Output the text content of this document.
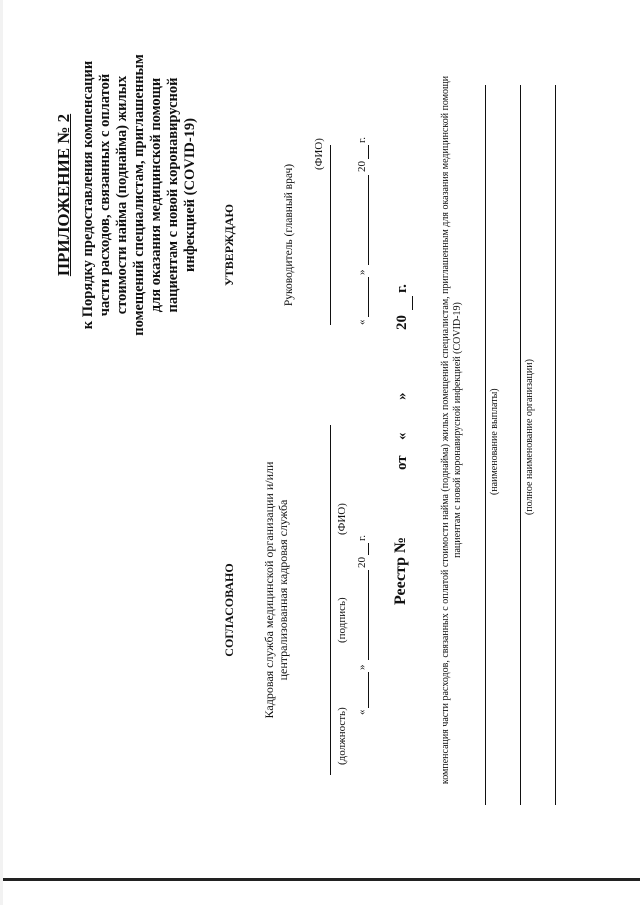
ПРИЛОЖЕНИЕ № 2 к Порядку предоставления компенсации части расходов, связанных с оплатой стоимости найма (поднайма) жилых помещений специалистам, приглашенным для оказания медицинской помощи пациентам с новой коронавирусной инфекцией (COVID-19)
СОГЛАСОВАНО Кадровая служба медицинской организации и/или централизованная кадровая служба
(должность)
(подпись)
(ФИО)
«
»
20
г.
УТВЕРЖДАЮ	Руководитель (главный врач)
(ФИО)
«
»
20
г.
Реестр №
от
«
»
20
г.	компенсация части расходов, связанных с оплатой стоимости найма (поднайма) жилых помещений специалистам, приглашенным для оказания медицинской помощи пациентам с новой коронавирусной инфекцией (COVID-19)	(наименование выплаты) (полное наименование организации)
